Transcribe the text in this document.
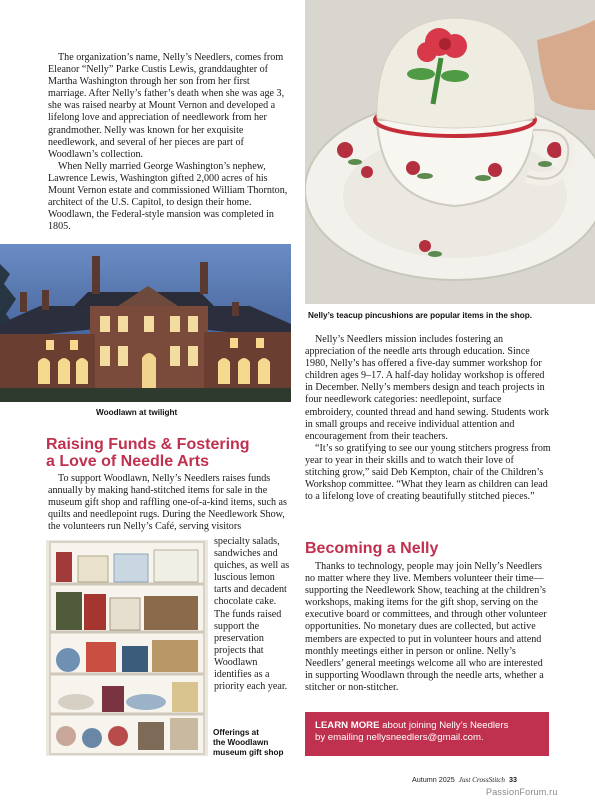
The organization’s name, Nelly’s Needlers, comes from Eleanor “Nelly” Parke Custis Lewis, granddaughter of Martha Washington through her son from her first marriage. After Nelly’s father’s death when she was age 3, she was raised nearby at Mount Vernon and developed a lifelong love and appreciation of needlework from her grandmother. Nelly was known for her exquisite needlework, and several of her pieces are part of Woodlawn’s collection.

When Nelly married George Washington’s nephew, Lawrence Lewis, Washington gifted 2,000 acres of his Mount Vernon estate and commissioned William Thornton, architect of the U.S. Capitol, to design their home. Woodlawn, the Federal-style mansion was completed in 1805.

Woodlawn at twilight
Raising Funds & Fostering
a Love of Needle Arts

To support Woodlawn, Nelly’s Needlers raises funds annually by making hand-stitched items for sale in the museum gift shop and raffling one-of-a-kind items, such as quilts and needlepoint rugs. During the Needlework Show, the volunteers run Nelly’s Café, serving visitors

specialty salads, sandwiches and quiches, as well as luscious lemon tarts and decadent chocolate cake. The funds raised support the preservation projects that Woodlawn identifies as a priority each year.

Offerings at
the Woodlawn
museum gift shop
Nelly’s teacup pincushions are popular items in the shop.

Nelly’s Needlers mission includes fostering an appreciation of the needle arts through education. Since 1980, Nelly’s has offered a five-day summer workshop for children ages 9–17. A half-day holiday workshop is offered in December. Nelly’s members design and teach projects in four needlework categories: needlepoint, surface embroidery, counted thread and hand sewing. Students work in small groups and receive individual attention and encouragement from their teachers.

“It’s so gratifying to see our young stitchers progress from year to year in their skills and to watch their love of stitching grow,” said Deb Kempton, chair of the Children’s Workshop committee. “What they learn as children can lead to a lifelong love of creating beautifully stitched pieces.”

Becoming a Nelly

Thanks to technology, people may join Nelly’s Needlers no matter where they live. Members volunteer their time—supporting the Needlework Show, teaching at the children’s workshops, making items for the gift shop, serving on the executive board or committees, and through other volunteer opportunities. No monetary dues are collected, but active members are expected to put in volunteer hours and attend monthly meetings either in person or online. Nelly’s Needlers’ general meetings welcome all who are interested in supporting Woodlawn through the needle arts, whether a stitcher or non-stitcher.

LEARN MORE about joining Nelly’s Needlers

by emailing nellysneedlers@gmail.com.

Autumn 2025 Just CrossStitch 33
PassionForum.ru
